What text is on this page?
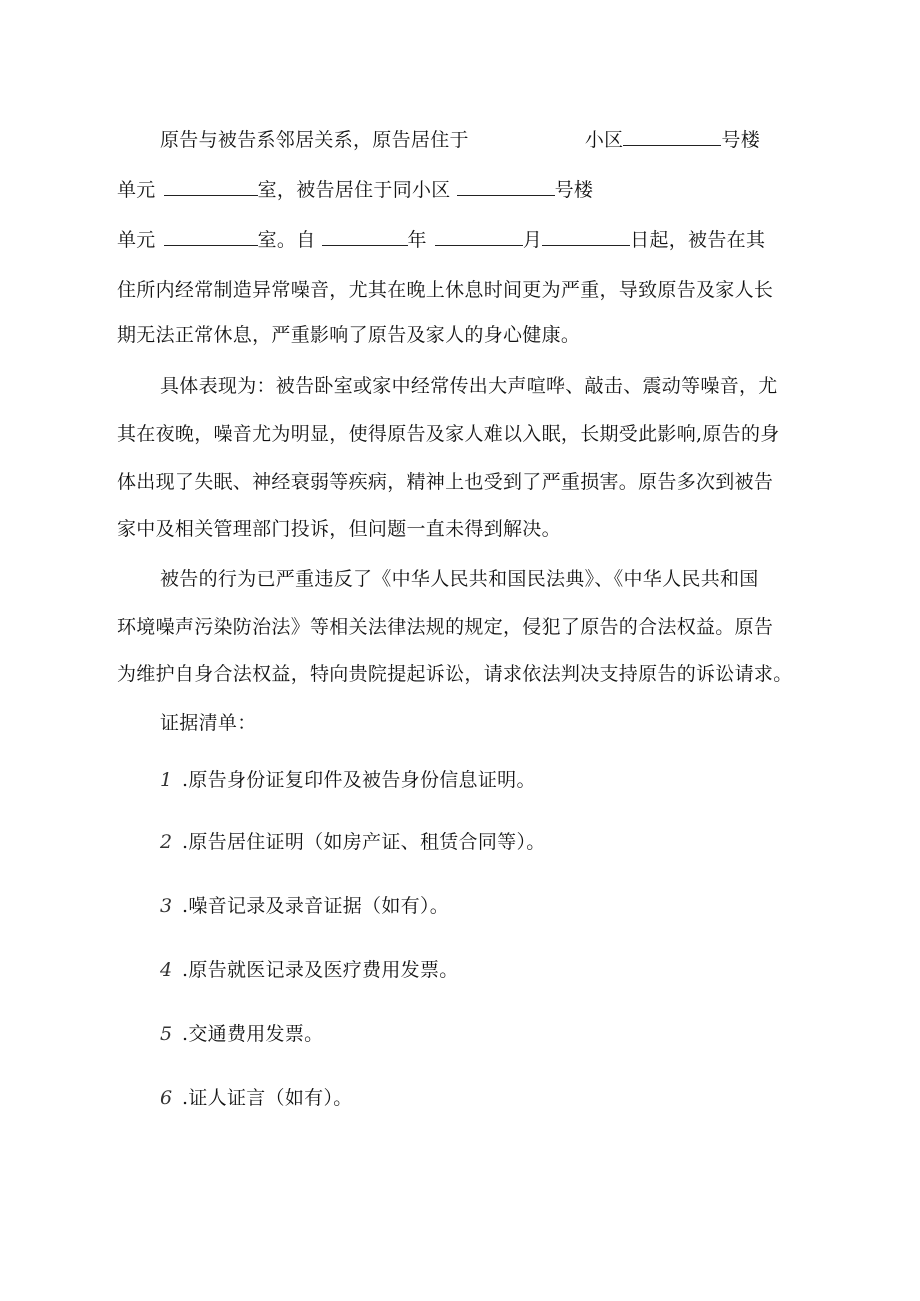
原告与被告系邻居关系，原告居住于	小区	号楼
单元	室，被告居住于同小区	号楼
单元	室。自	年	月	日起，被告在其
住所内经常制造异常噪音，尤其在晚上休息时间更为严重，导致原告及家人长
期无法正常休息，严重影响了原告及家人的身心健康。
具体表现为：被告卧室或家中经常传出大声喧哗、敲击、震动等噪音，尤
其在夜晚，噪音尤为明显，使得原告及家人难以入眠，长期受此影响,原告的身
体出现了失眠、神经衰弱等疾病，精神上也受到了严重损害。原告多次到被告
家中及相关管理部门投诉，但问题一直未得到解决。
被告的行为已严重违反了《中华人民共和国民法典》、《中华人民共和国
环境噪声污染防治法》等相关法律法规的规定，侵犯了原告的合法权益。原告
为维护自身合法权益，特向贵院提起诉讼，请求依法判决支持原告的诉讼请求。
证据清单：
1 .原告身份证复印件及被告身份信息证明。
2 .原告居住证明（如房产证、租赁合同等）。
3 .噪音记录及录音证据（如有）。
4 .原告就医记录及医疗费用发票。
5 .交通费用发票。
6 .证人证言（如有）。
